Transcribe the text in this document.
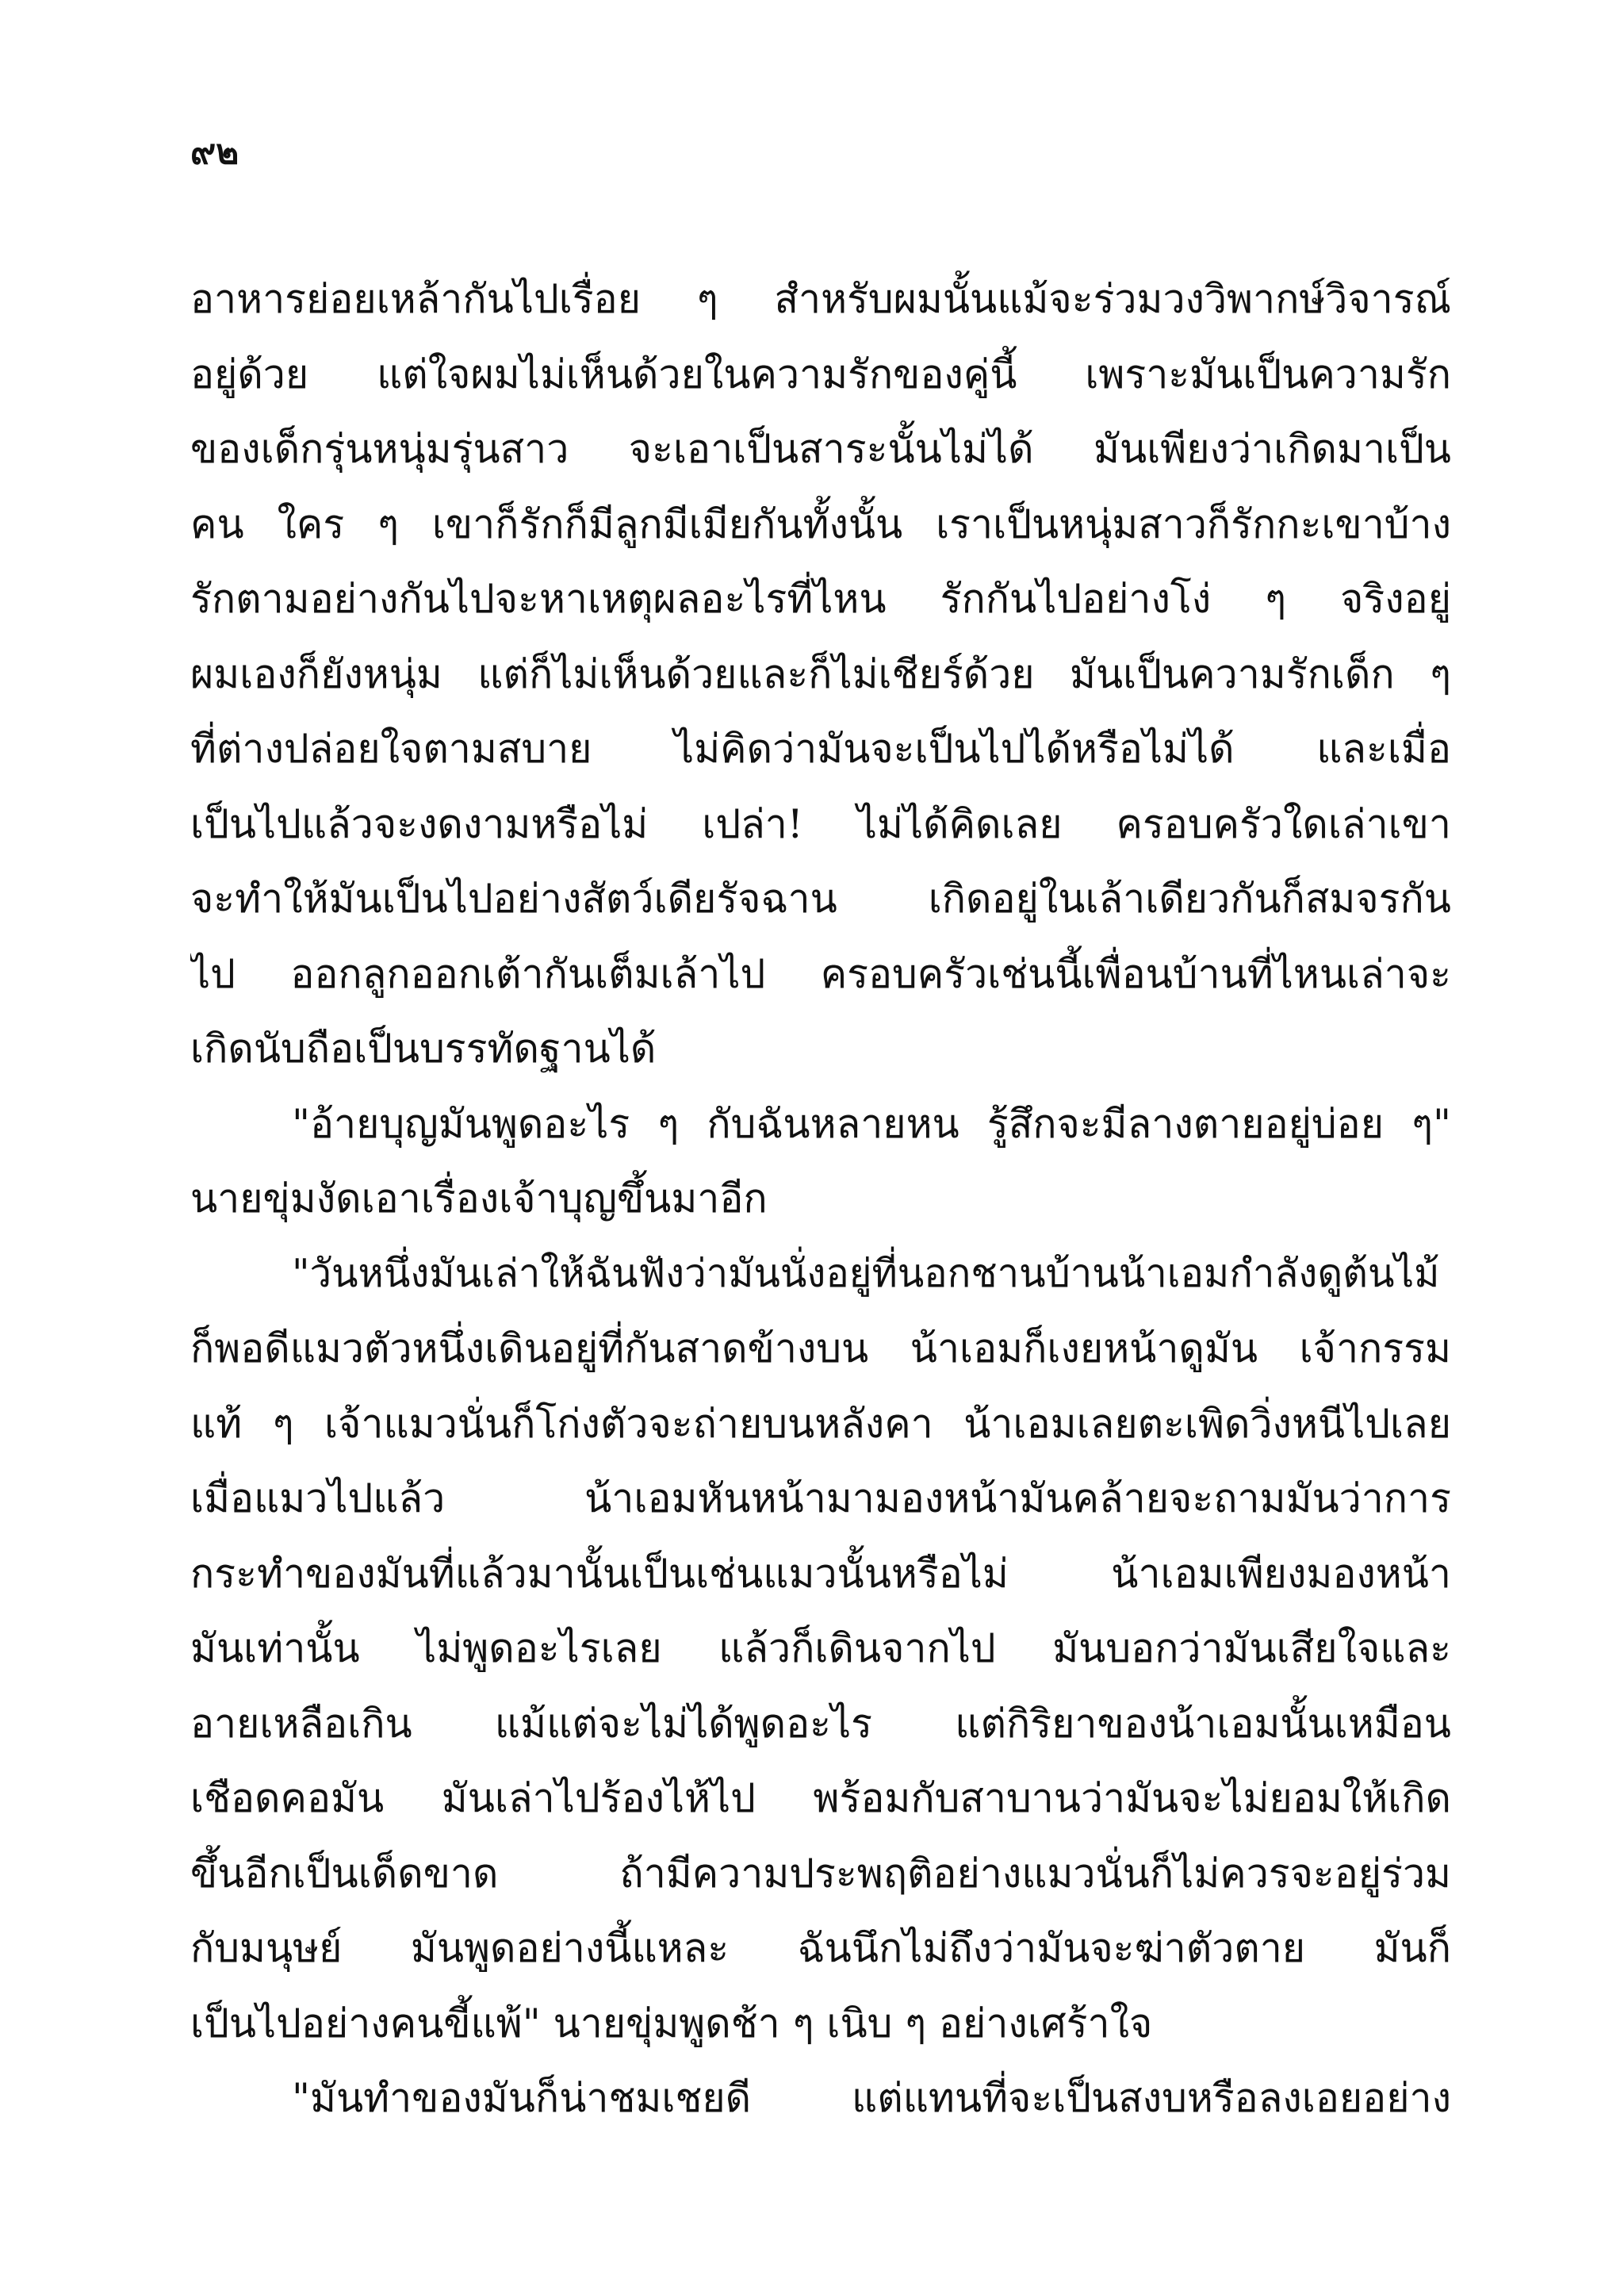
๙๒
อาหารย่อยเหล้ากันไปเรื่อย ๆ สำหรับผมนั้นแม้จะร่วมวงวิพากษ์วิจารณ์
อยู่ด้วย แต่ใจผมไม่เห็นด้วยในความรักของคู่นี้ เพราะมันเป็นความรัก
ของเด็กรุ่นหนุ่มรุ่นสาว จะเอาเป็นสาระนั้นไม่ได้ มันเพียงว่าเกิดมาเป็น
คน ใคร ๆ เขาก็รักก็มีลูกมีเมียกันทั้งนั้น เราเป็นหนุ่มสาวก็รักกะเขาบ้าง
รักตามอย่างกันไปจะหาเหตุผลอะไรที่ไหน รักกันไปอย่างโง่ ๆ จริงอยู่
ผมเองก็ยังหนุ่ม แต่ก็ไม่เห็นด้วยและก็ไม่เชียร์ด้วย มันเป็นความรักเด็ก ๆ
ที่ต่างปล่อยใจตามสบาย ไม่คิดว่ามันจะเป็นไปได้หรือไม่ได้ และเมื่อ
เป็นไปแล้วจะงดงามหรือไม่ เปล่า! ไม่ได้คิดเลย ครอบครัวใดเล่าเขา
จะทำให้มันเป็นไปอย่างสัตว์เดียรัจฉาน เกิดอยู่ในเล้าเดียวกันก็สมจรกัน
ไป ออกลูกออกเต้ากันเต็มเล้าไป ครอบครัวเช่นนี้เพื่อนบ้านที่ไหนเล่าจะ
เกิดนับถือเป็นบรรทัดฐานได้
"อ้ายบุญมันพูดอะไร ๆ กับฉันหลายหน รู้สึกจะมีลางตายอยู่บ่อย ๆ"
นายขุ่มงัดเอาเรื่องเจ้าบุญขึ้นมาอีก
"วันหนึ่งมันเล่าให้ฉันฟังว่ามันนั่งอยู่ที่นอกชานบ้านน้าเอมกำลังดูต้นไม้
ก็พอดีแมวตัวหนึ่งเดินอยู่ที่กันสาดข้างบน น้าเอมก็เงยหน้าดูมัน เจ้ากรรม
แท้ ๆ เจ้าแมวนั่นก็โก่งตัวจะถ่ายบนหลังคา น้าเอมเลยตะเพิดวิ่งหนีไปเลย
เมื่อแมวไปแล้ว น้าเอมหันหน้ามามองหน้ามันคล้ายจะถามมันว่าการ
กระทำของมันที่แล้วมานั้นเป็นเช่นแมวนั้นหรือไม่ น้าเอมเพียงมองหน้า
มันเท่านั้น ไม่พูดอะไรเลย แล้วก็เดินจากไป มันบอกว่ามันเสียใจและ
อายเหลือเกิน แม้แต่จะไม่ได้พูดอะไร แต่กิริยาของน้าเอมนั้นเหมือน
เชือดคอมัน มันเล่าไปร้องไห้ไป พร้อมกับสาบานว่ามันจะไม่ยอมให้เกิด
ขึ้นอีกเป็นเด็ดขาด ถ้ามีความประพฤติอย่างแมวนั่นก็ไม่ควรจะอยู่ร่วม
กับมนุษย์ มันพูดอย่างนี้แหละ ฉันนึกไม่ถึงว่ามันจะฆ่าตัวตาย มันก็
เป็นไปอย่างคนขี้แพ้" นายขุ่มพูดช้า ๆ เนิบ ๆ อย่างเศร้าใจ
"มันทำของมันก็น่าชมเชยดี แต่แทนที่จะเป็นสงบหรือลงเอยอย่าง
